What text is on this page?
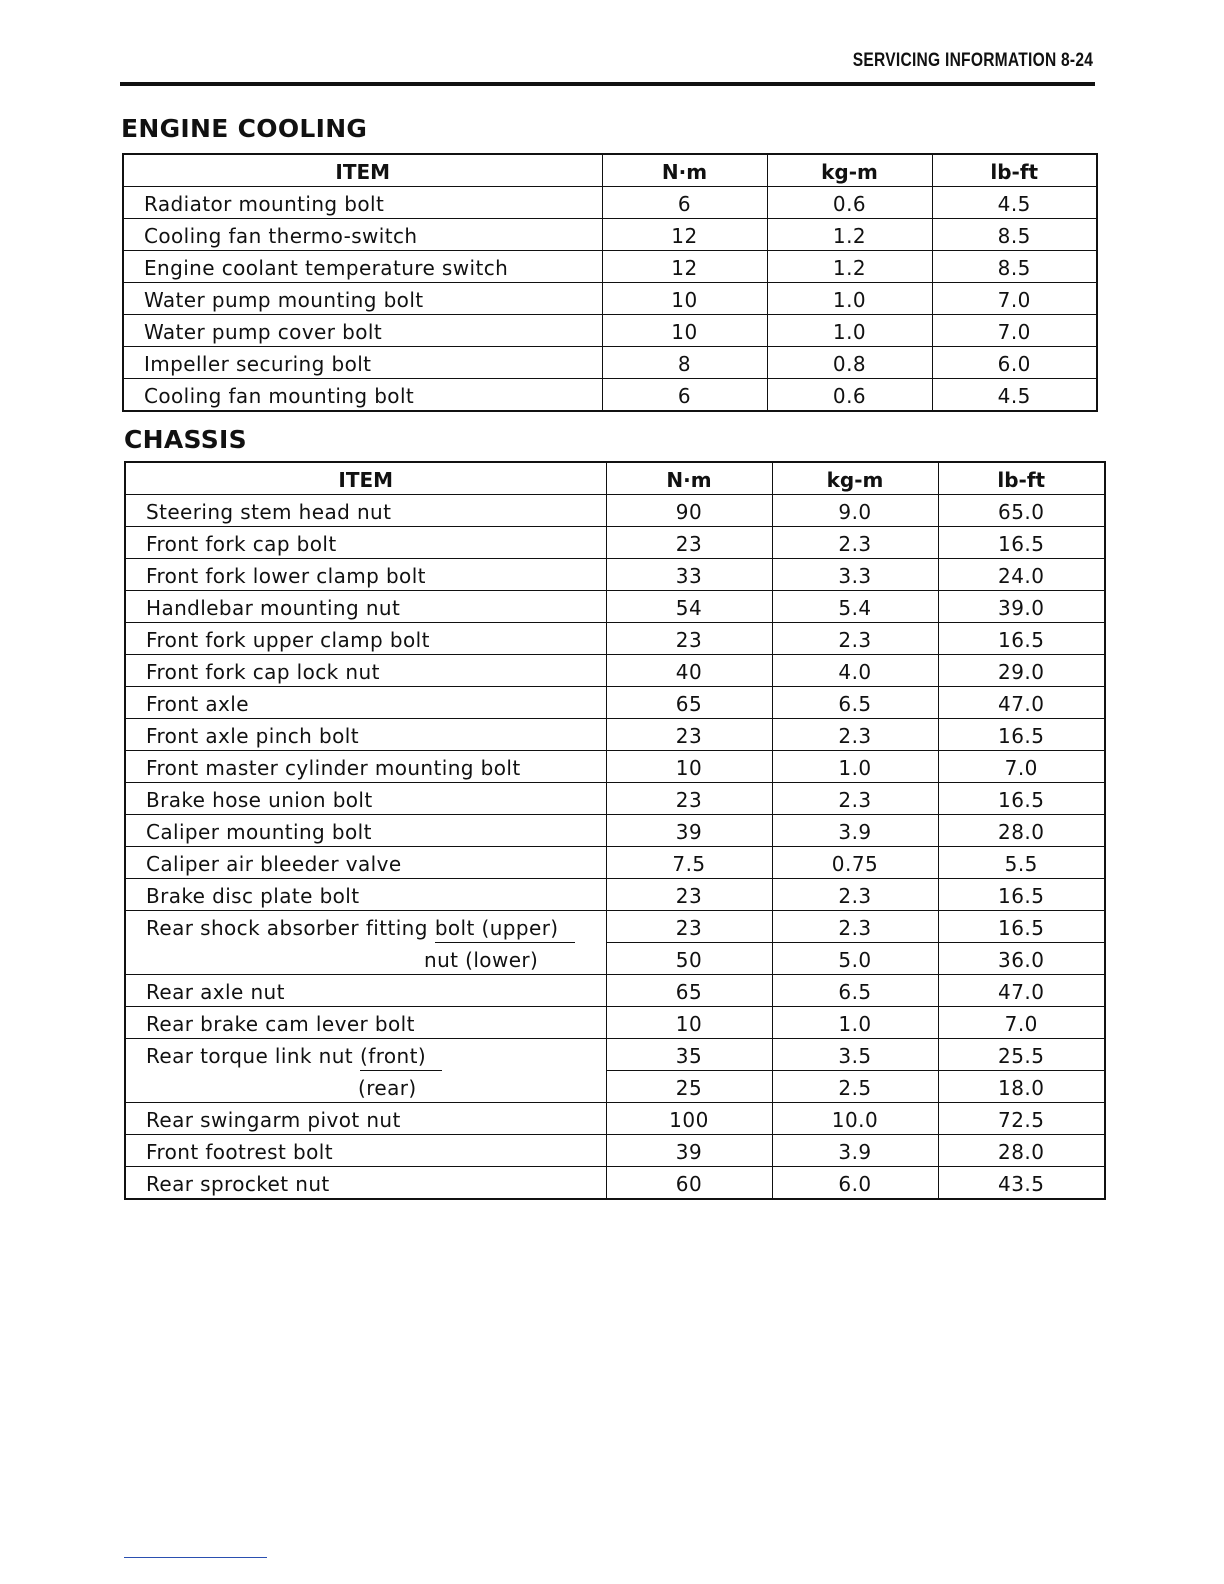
SERVICING INFORMATION 8-24
ENGINE COOLING
ITEM	N·m	kg-m	lb-ft
Radiator mounting bolt	6	0.6	4.5
Cooling fan thermo-switch	12	1.2	8.5
Engine coolant temperature switch	12	1.2	8.5
Water pump mounting bolt	10	1.0	7.0
Water pump cover bolt	10	1.0	7.0
Impeller securing bolt	8	0.8	6.0
Cooling fan mounting bolt	6	0.6	4.5
CHASSIS
ITEM	N·m	kg-m	lb-ft
Steering stem head nut	90	9.0	65.0
Front fork cap bolt	23	2.3	16.5
Front fork lower clamp bolt	33	3.3	24.0
Handlebar mounting nut	54	5.4	39.0
Front fork upper clamp bolt	23	2.3	16.5
Front fork cap lock nut	40	4.0	29.0
Front axle	65	6.5	47.0
Front axle pinch bolt	23	2.3	16.5
Front master cylinder mounting bolt	10	1.0	7.0
Brake hose union bolt	23	2.3	16.5
Caliper mounting bolt	39	3.9	28.0
Caliper air bleeder valve	7.5	0.75	5.5
Brake disc plate bolt	23	2.3	16.5
Rear shock absorber fitting bolt (upper)	23	2.3	16.5
nut (lower)	50	5.0	36.0
Rear axle nut	65	6.5	47.0
Rear brake cam lever bolt	10	1.0	7.0
Rear torque link nut (front)	35	3.5	25.5
(rear)	25	2.5	18.0
Rear swingarm pivot nut	100	10.0	72.5
Front footrest bolt	39	3.9	28.0
Rear sprocket nut	60	6.0	43.5
